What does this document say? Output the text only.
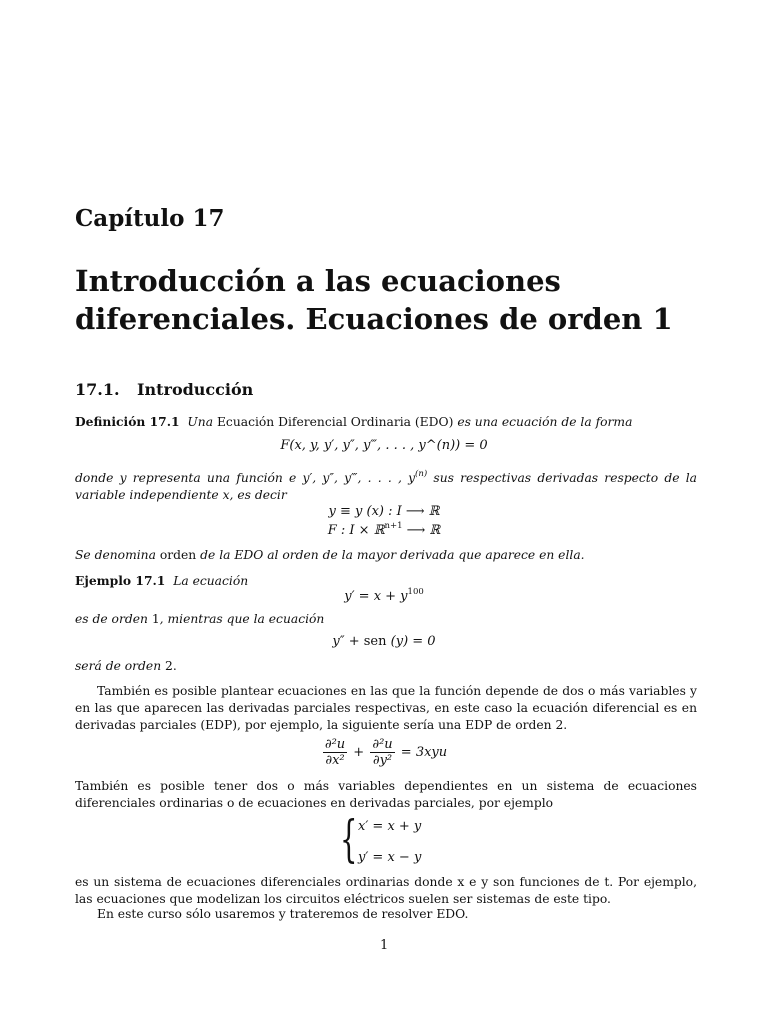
Capítulo 17
Introducción a las ecuaciones
diferenciales. Ecuaciones de orden 1
17.1. Introducción
Definición 17.1 Una Ecuación Diferencial Ordinaria (EDO) es una ecuación de la forma
F(x, y, y′, y″, y‴, . . . , y^(n)) = 0
donde y representa una función e y′, y″, y‴, . . . , $y^{(n)}$ sus respectivas derivadas respecto de la variable independiente x, es decir
y ≡ y (x) : I ⟶ ℝ
F : I × ℝ$^{n+1}$ ⟶ ℝ
Se denomina orden de la EDO al orden de la mayor derivada que aparece en ella.
Ejemplo 17.1 La ecuación
$y' = x + y^{100}$
es de orden 1, mientras que la ecuación
y″ + sen (y) = 0
será de orden 2.
También es posible plantear ecuaciones en las que la función depende de dos o más variables y en las que aparecen las derivadas parciales respectivas, en este caso la ecuación diferencial es en derivadas parciales (EDP), por ejemplo, la siguiente sería una EDP de orden 2.
$\frac{\text{∂²u}}{\text{∂x²}} + \frac{\text{∂²u}}{\text{∂y²}} = 3xyu$
También es posible tener dos o más variables dependientes en un sistema de ecuaciones diferenciales ordinarias o de ecuaciones en derivadas parciales, por ejemplo
{ x′ = x + y
y′ = x − y
es un sistema de ecuaciones diferenciales ordinarias donde x e y son funciones de t. Por ejemplo, las ecuaciones que modelizan los circuitos eléctricos suelen ser sistemas de este tipo.
En este curso sólo usaremos y trateremos de resolver EDO.
1
